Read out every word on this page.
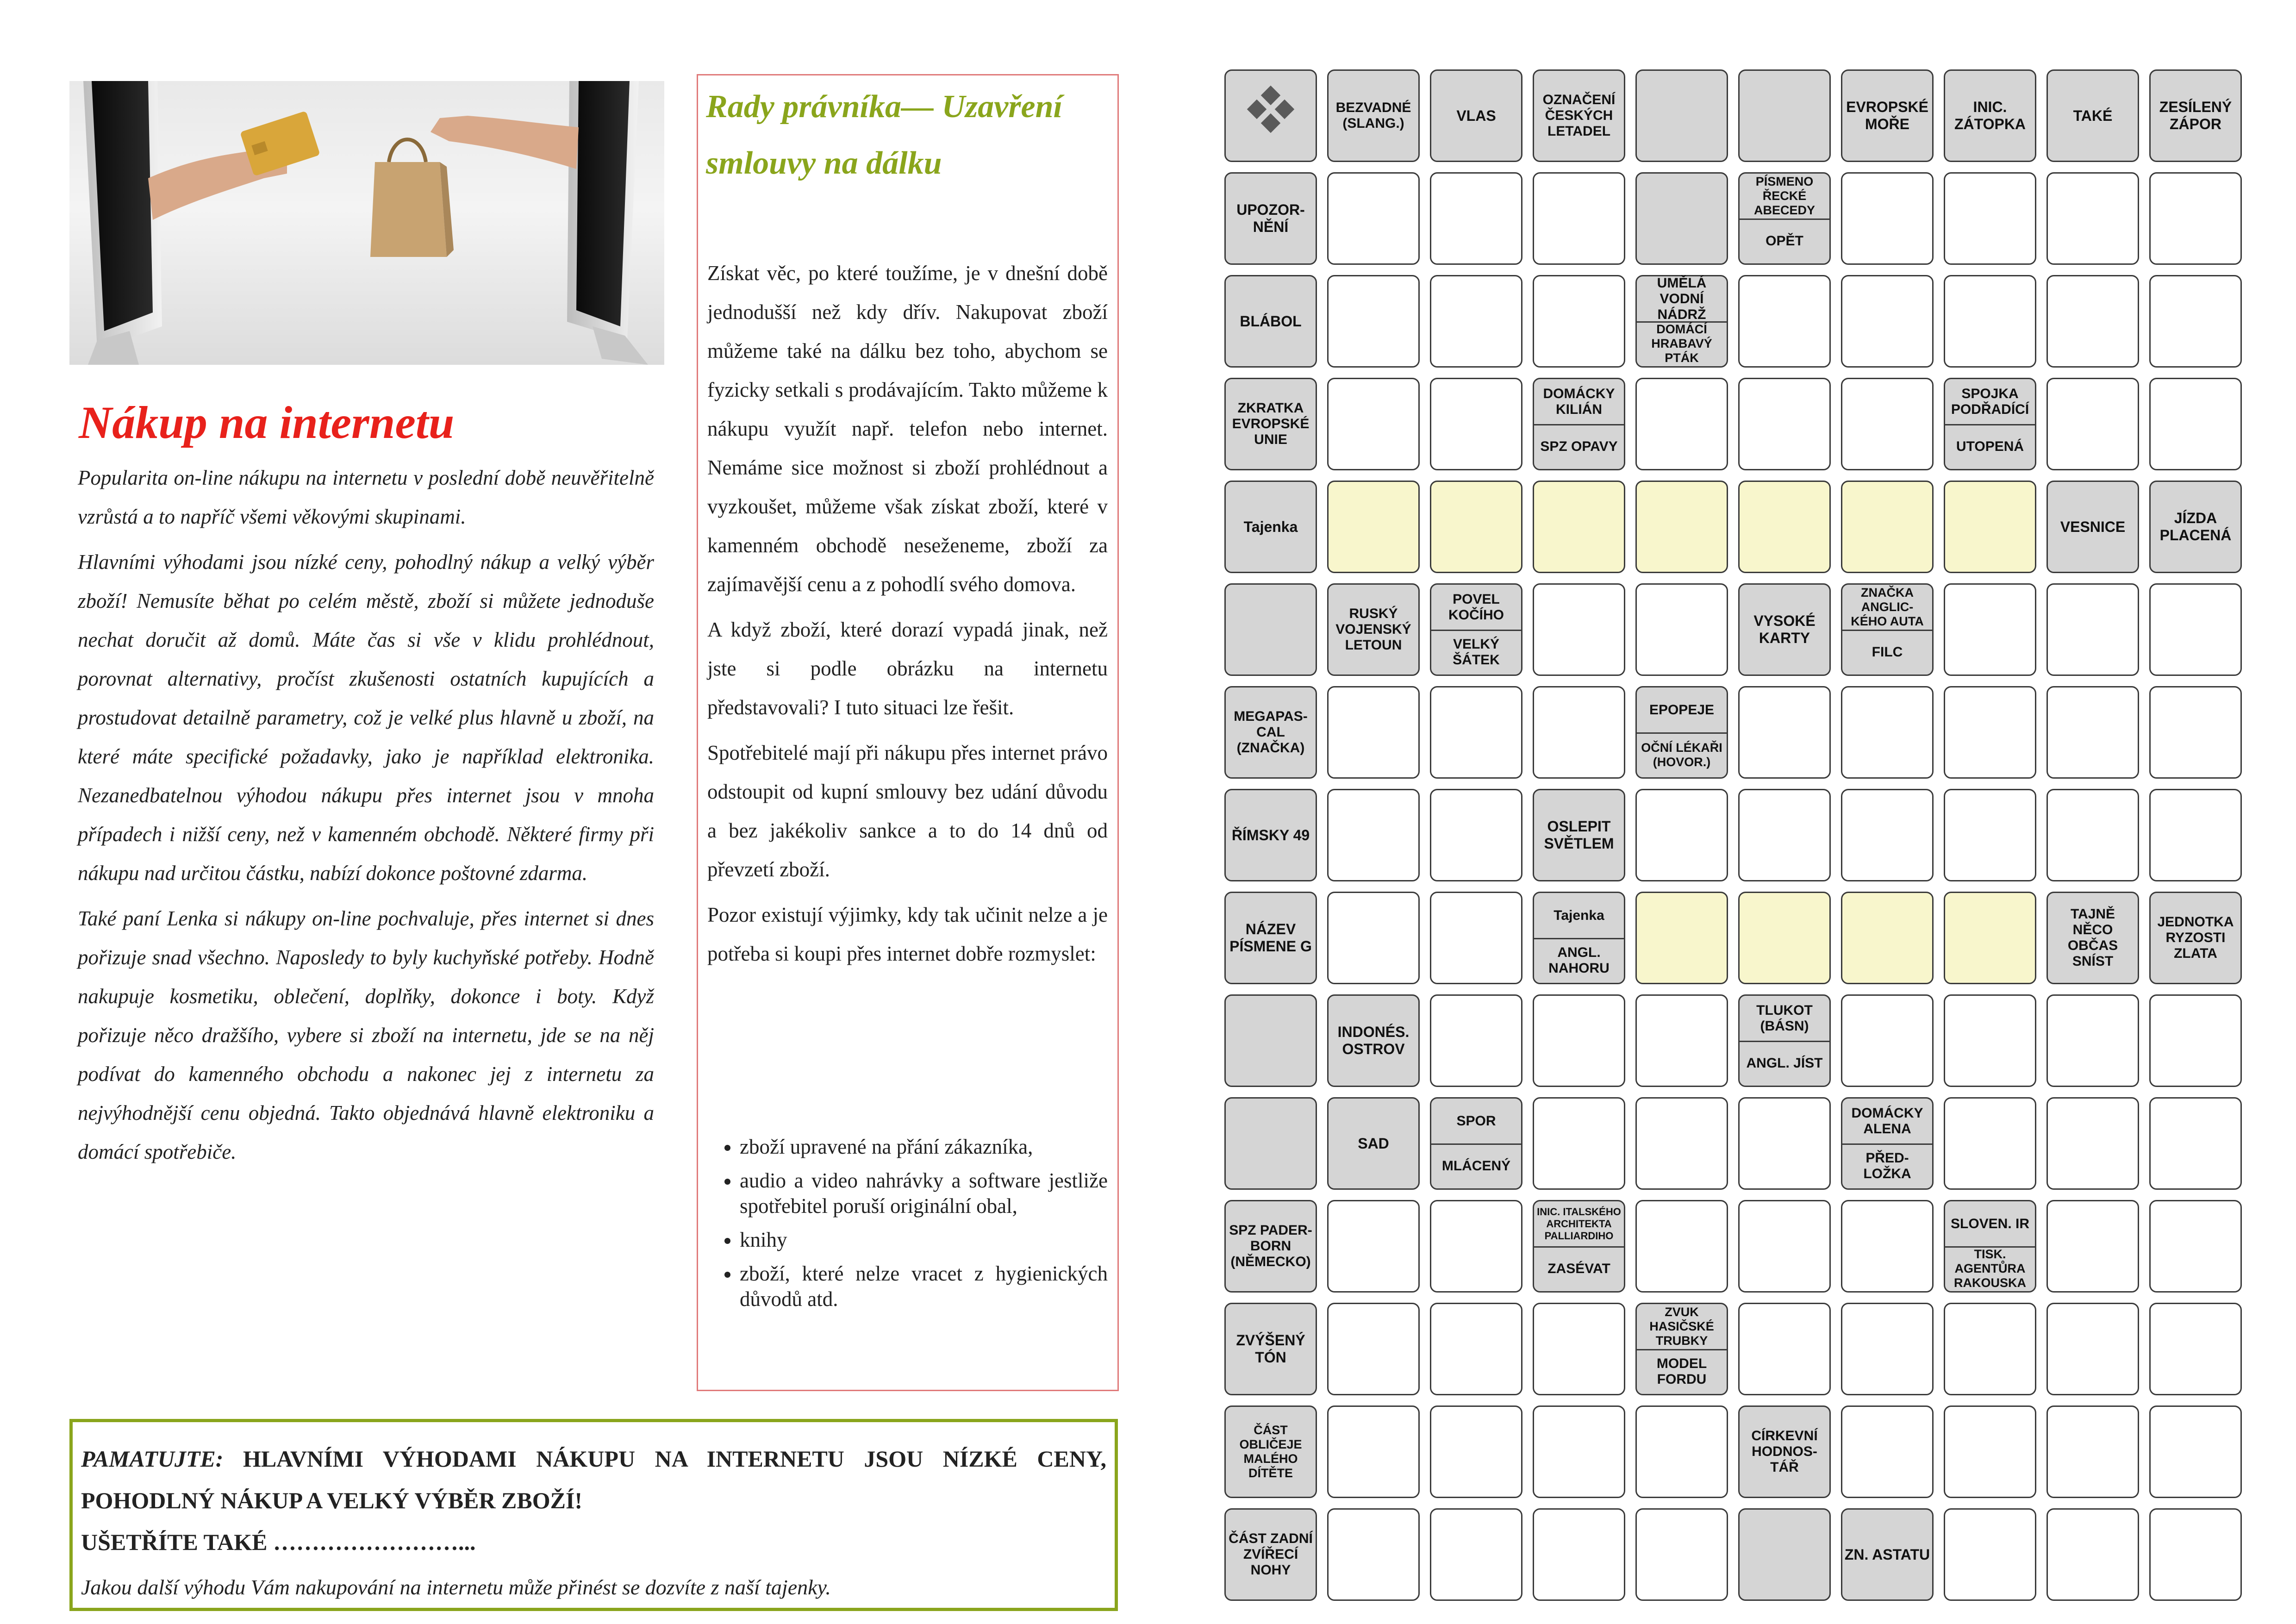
Nákup na internetu

Popularita on-line nákupu na internetu v poslední době neuvěřitelně vzrůstá a to napříč všemi věkovými skupinami.

Hlavními výhodami jsou nízké ceny, pohodlný nákup a velký výběr zboží! Nemusíte běhat po celém městě, zboží si můžete jednoduše nechat doručit až domů. Máte čas si vše v klidu prohlédnout, porovnat alternativy, pročíst zkušenosti ostatních kupujících a prostudovat detailně parametry, což je velké plus hlavně u zboží, na které máte specifické požadavky, jako je například elektronika. Nezanedbatelnou výhodou nákupu přes internet jsou v mnoha případech i nižší ceny, než v kamenném obchodě. Některé firmy při nákupu nad určitou částku, nabízí dokonce poštovné zdarma.

Také paní Lenka si nákupy on-line pochvaluje, přes internet si dnes pořizuje snad všechno. Naposledy to byly kuchyňské potřeby. Hodně nakupuje kosmetiku, oblečení, doplňky, dokonce i boty. Když pořizuje něco dražšího, vybere si zboží na internetu, jde se na něj podívat do kamenného obchodu a nakonec jej z internetu za nejvýhodnější cenu objedná. Takto objednává hlavně elektroniku a domácí spotřebiče.

Rady právníka— Uzavření smlouvy na dálku

Získat věc, po které toužíme, je v dnešní době jednodušší než kdy dřív. Nakupovat zboží můžeme také na dálku bez toho, abychom se fyzicky setkali s prodávajícím. Takto můžeme k nákupu využít např. telefon nebo internet. Nemáme sice možnost si zboží prohlédnout a vyzkoušet, můžeme však získat zboží, které v kamenném obchodě neseženeme, zboží za zajímavější cenu a z pohodlí svého domova.

A když zboží, které dorazí vypadá jinak, než jste si podle obrázku na internetu představovali? I tuto situaci lze řešit.

Spotřebitelé mají při nákupu přes internet právo odstoupit od kupní smlouvy bez udání důvodu a bez jakékoliv sankce a to do 14 dnů od převzetí zboží.

Pozor existují výjimky, kdy tak učinit nelze a je potřeba si koupi přes internet dobře rozmyslet:

• zboží upravené na přání zákazníka,
• audio a video nahrávky a software jestliže spotřebitel poruší originální obal,
• knihy
• zboží, které nelze vracet z hygienických důvodů atd.
PAMATUJTE: HLAVNÍMI VÝHODAMI NÁKUPU NA INTERNETU JSOU NÍZKÉ CENY, POHODLNÝ NÁKUP A VELKÝ VÝBĚR ZBOŽÍ!
UŠETŘÍTE TAKÉ ……………………...
Jakou další výhodu Vám nakupování na internetu může přinést se dozvíte z naší tajenky.
BEZVADNÉ (SLANG.)	VLAS
OZNAČENÍ ČESKÝCH LETADEL
EVROPSKÉ MOŘE
INIC. ZÁTOPKA
TAKÉ
ZESÍLENÝ ZÁPOR
UPOZOR- NĚNÍ
PÍSMENO ŘECKÉ ABECEDY
OPĚT
BLÁBOL
UMĚLÁ VODNÍ NÁDRŽ
DOMÁCÍ HRABAVÝ PTÁK
ZKRATKA EVROPSKÉ UNIE
DOMÁCKY KILIÁN
SPZ OPAVY
SPOJKA PODŘADÍCÍ
UTOPENÁ
Tajenka	VESNICE
JÍZDA PLACENÁ
RUSKÝ VOJENSKÝ LETOUN
POVEL KOČÍHO
VELKÝ ŠÁTEK
VYSOKÉ KARTY
ZNAČKA ANGLIC- KÉHO AUTA
FILC
MEGAPAS- CAL (ZNAČKA)
EPOPEJE
OČNÍ LÉKAŘI (HOVOR.)
ŘÍMSKY 49
OSLEPIT SVĚTLEM
NÁZEV PÍSMENE G
Tajenka
ANGL. NAHORU
TAJNĚ NĚCO OBČAS SNÍST
JEDNOTKA RYZOSTI ZLATA
INDONÉS. OSTROV
TLUKOT (BÁSN)
ANGL. JÍST
SAD
SPOR
MLÁCENÝ
DOMÁCKY ALENA
PŘED- LOŽKA
SPZ PADER- BORN (NĚMECKO)
INIC. ITALSKÉHO ARCHITEKTA PALLIARDIHO
ZASÉVAT
SLOVEN. IR
TISK. AGENTŮRA RAKOUSKA
ZVÝŠENÝ TÓN
ZVUK HASIČSKÉ TRUBKY
MODEL FORDU
ČÁST OBLIČEJE MALÉHO DÍTĚTE
CÍRKEVNÍ HODNOS- TÁŘ
ČÁST ZADNÍ ZVÍŘECÍ NOHY
ZN. ASTATU
